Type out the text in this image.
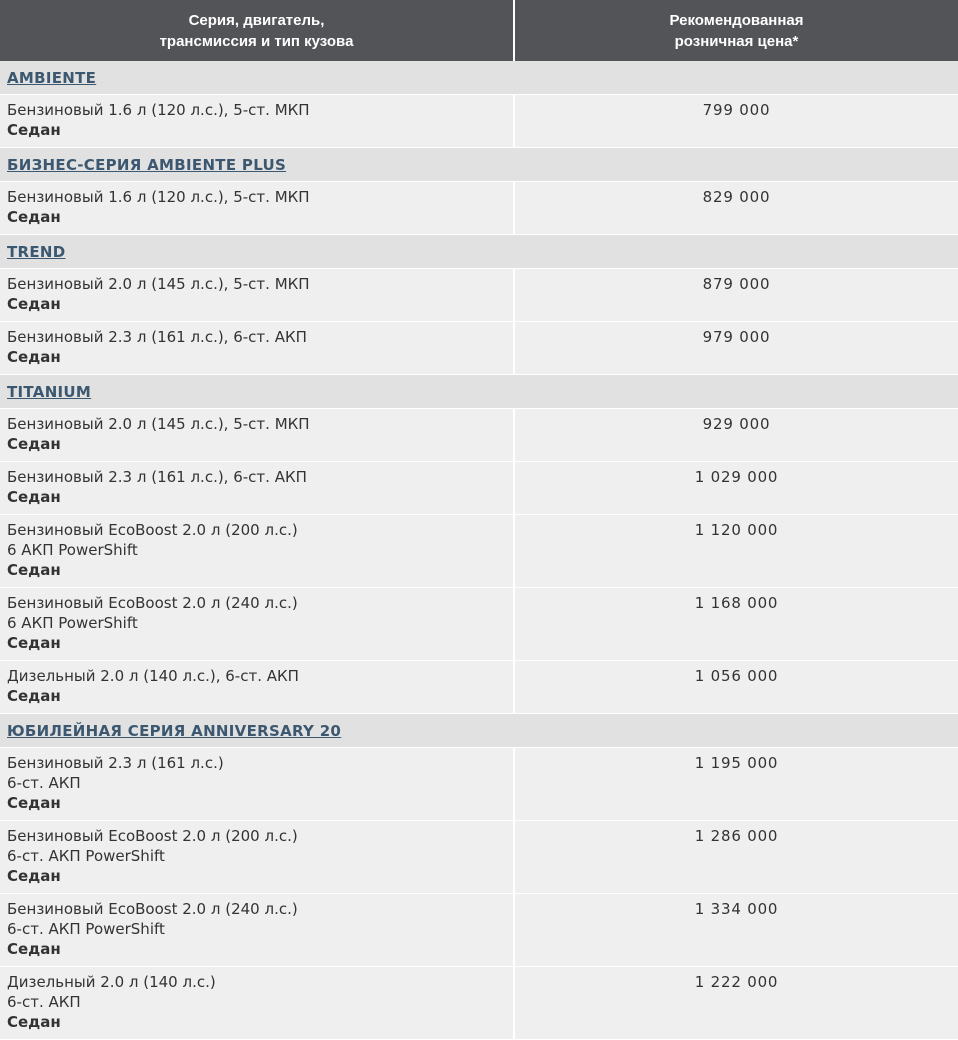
Серия, двигатель,
трансмиссия и тип кузова	Рекомендованная
розничная цена*
AMBIENTE	

Бензиновый 1.6 л (120 л.с.), 5-ст. МКП
Седан	799 000
БИЗНЕС-СЕРИЯ AMBIENTE PLUS	

Бензиновый 1.6 л (120 л.с.), 5-ст. МКП
Седан	829 000
TREND	

Бензиновый 2.0 л (145 л.с.), 5-ст. МКП
Седан	879 000

Бензиновый 2.3 л (161 л.с.), 6-ст. АКП
Седан	979 000
TITANIUM	

Бензиновый 2.0 л (145 л.с.), 5-ст. МКП
Седан	929 000

Бензиновый 2.3 л (161 л.с.), 6-ст. АКП
Седан	1 029 000

Бензиновый EcoBoost 2.0 л (200 л.с.)
6 АКП PowerShift
Седан	1 120 000

Бензиновый EcoBoost 2.0 л (240 л.с.)
6 АКП PowerShift
Седан	1 168 000

Дизельный 2.0 л (140 л.с.), 6-ст. АКП
Седан	1 056 000
ЮБИЛЕЙНАЯ СЕРИЯ ANNIVERSARY 20	

Бензиновый 2.3 л (161 л.с.)
6-ст. АКП
Седан	1 195 000

Бензиновый EcoBoost 2.0 л (200 л.с.)
6-ст. АКП PowerShift
Седан	1 286 000

Бензиновый EcoBoost 2.0 л (240 л.с.)
6-ст. АКП PowerShift
Седан	1 334 000

Дизельный 2.0 л (140 л.с.)
6-ст. АКП
Седан	1 222 000
